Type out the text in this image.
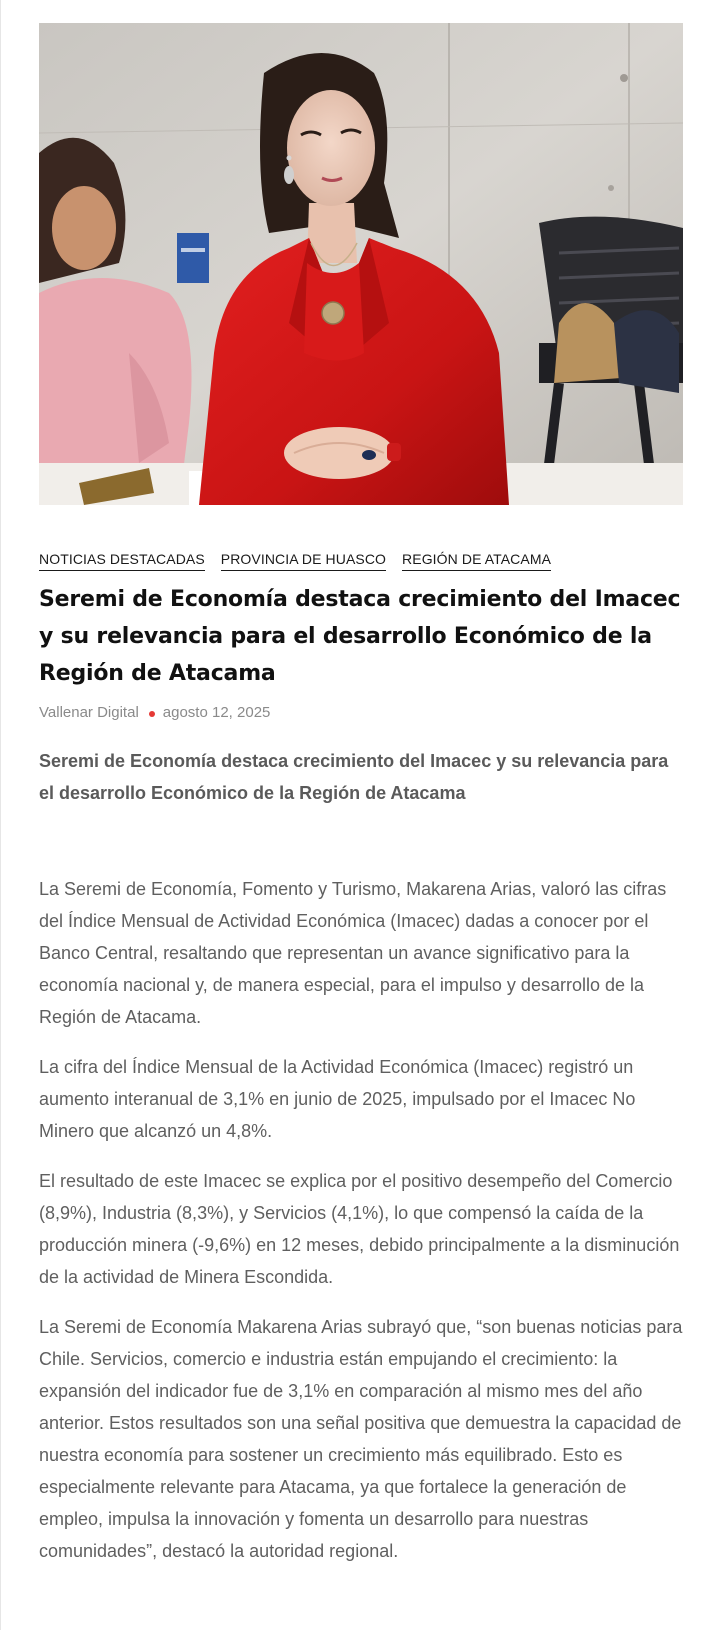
NOTICIAS DESTACADAS PROVINCIA DE HUASCO REGIÓN DE ATACAMA
Seremi de Economía destaca crecimiento del Imacec y su relevancia para el desarrollo Económico de la Región de Atacama
Vallenar Digital agosto 12, 2025
Seremi de Economía destaca crecimiento del Imacec y su relevancia para el desarrollo Económico de la Región de Atacama

La Seremi de Economía, Fomento y Turismo, Makarena Arias, valoró las cifras del Índice Mensual de Actividad Económica (Imacec) dadas a conocer por el Banco Central, resaltando que representan un avance significativo para la economía nacional y, de manera especial, para el impulso y desarrollo de la Región de Atacama.

La cifra del Índice Mensual de la Actividad Económica (Imacec) registró un aumento interanual de 3,1% en junio de 2025, impulsado por el Imacec No Minero que alcanzó un 4,8%.

El resultado de este Imacec se explica por el positivo desempeño del Comercio (8,9%), Industria (8,3%), y Servicios (4,1%), lo que compensó la caída de la producción minera (-9,6%) en 12 meses, debido principalmente a la disminución de la actividad de Minera Escondida.

La Seremi de Economía Makarena Arias subrayó que, “son buenas noticias para Chile. Servicios, comercio e industria están empujando el crecimiento: la expansión del indicador fue de 3,1% en comparación al mismo mes del año anterior. Estos resultados son una señal positiva que demuestra la capacidad de nuestra economía para sostener un crecimiento más equilibrado. Esto es especialmente relevante para Atacama, ya que fortalece la generación de empleo, impulsa la innovación y fomenta un desarrollo para nuestras comunidades”, destacó la autoridad regional.
